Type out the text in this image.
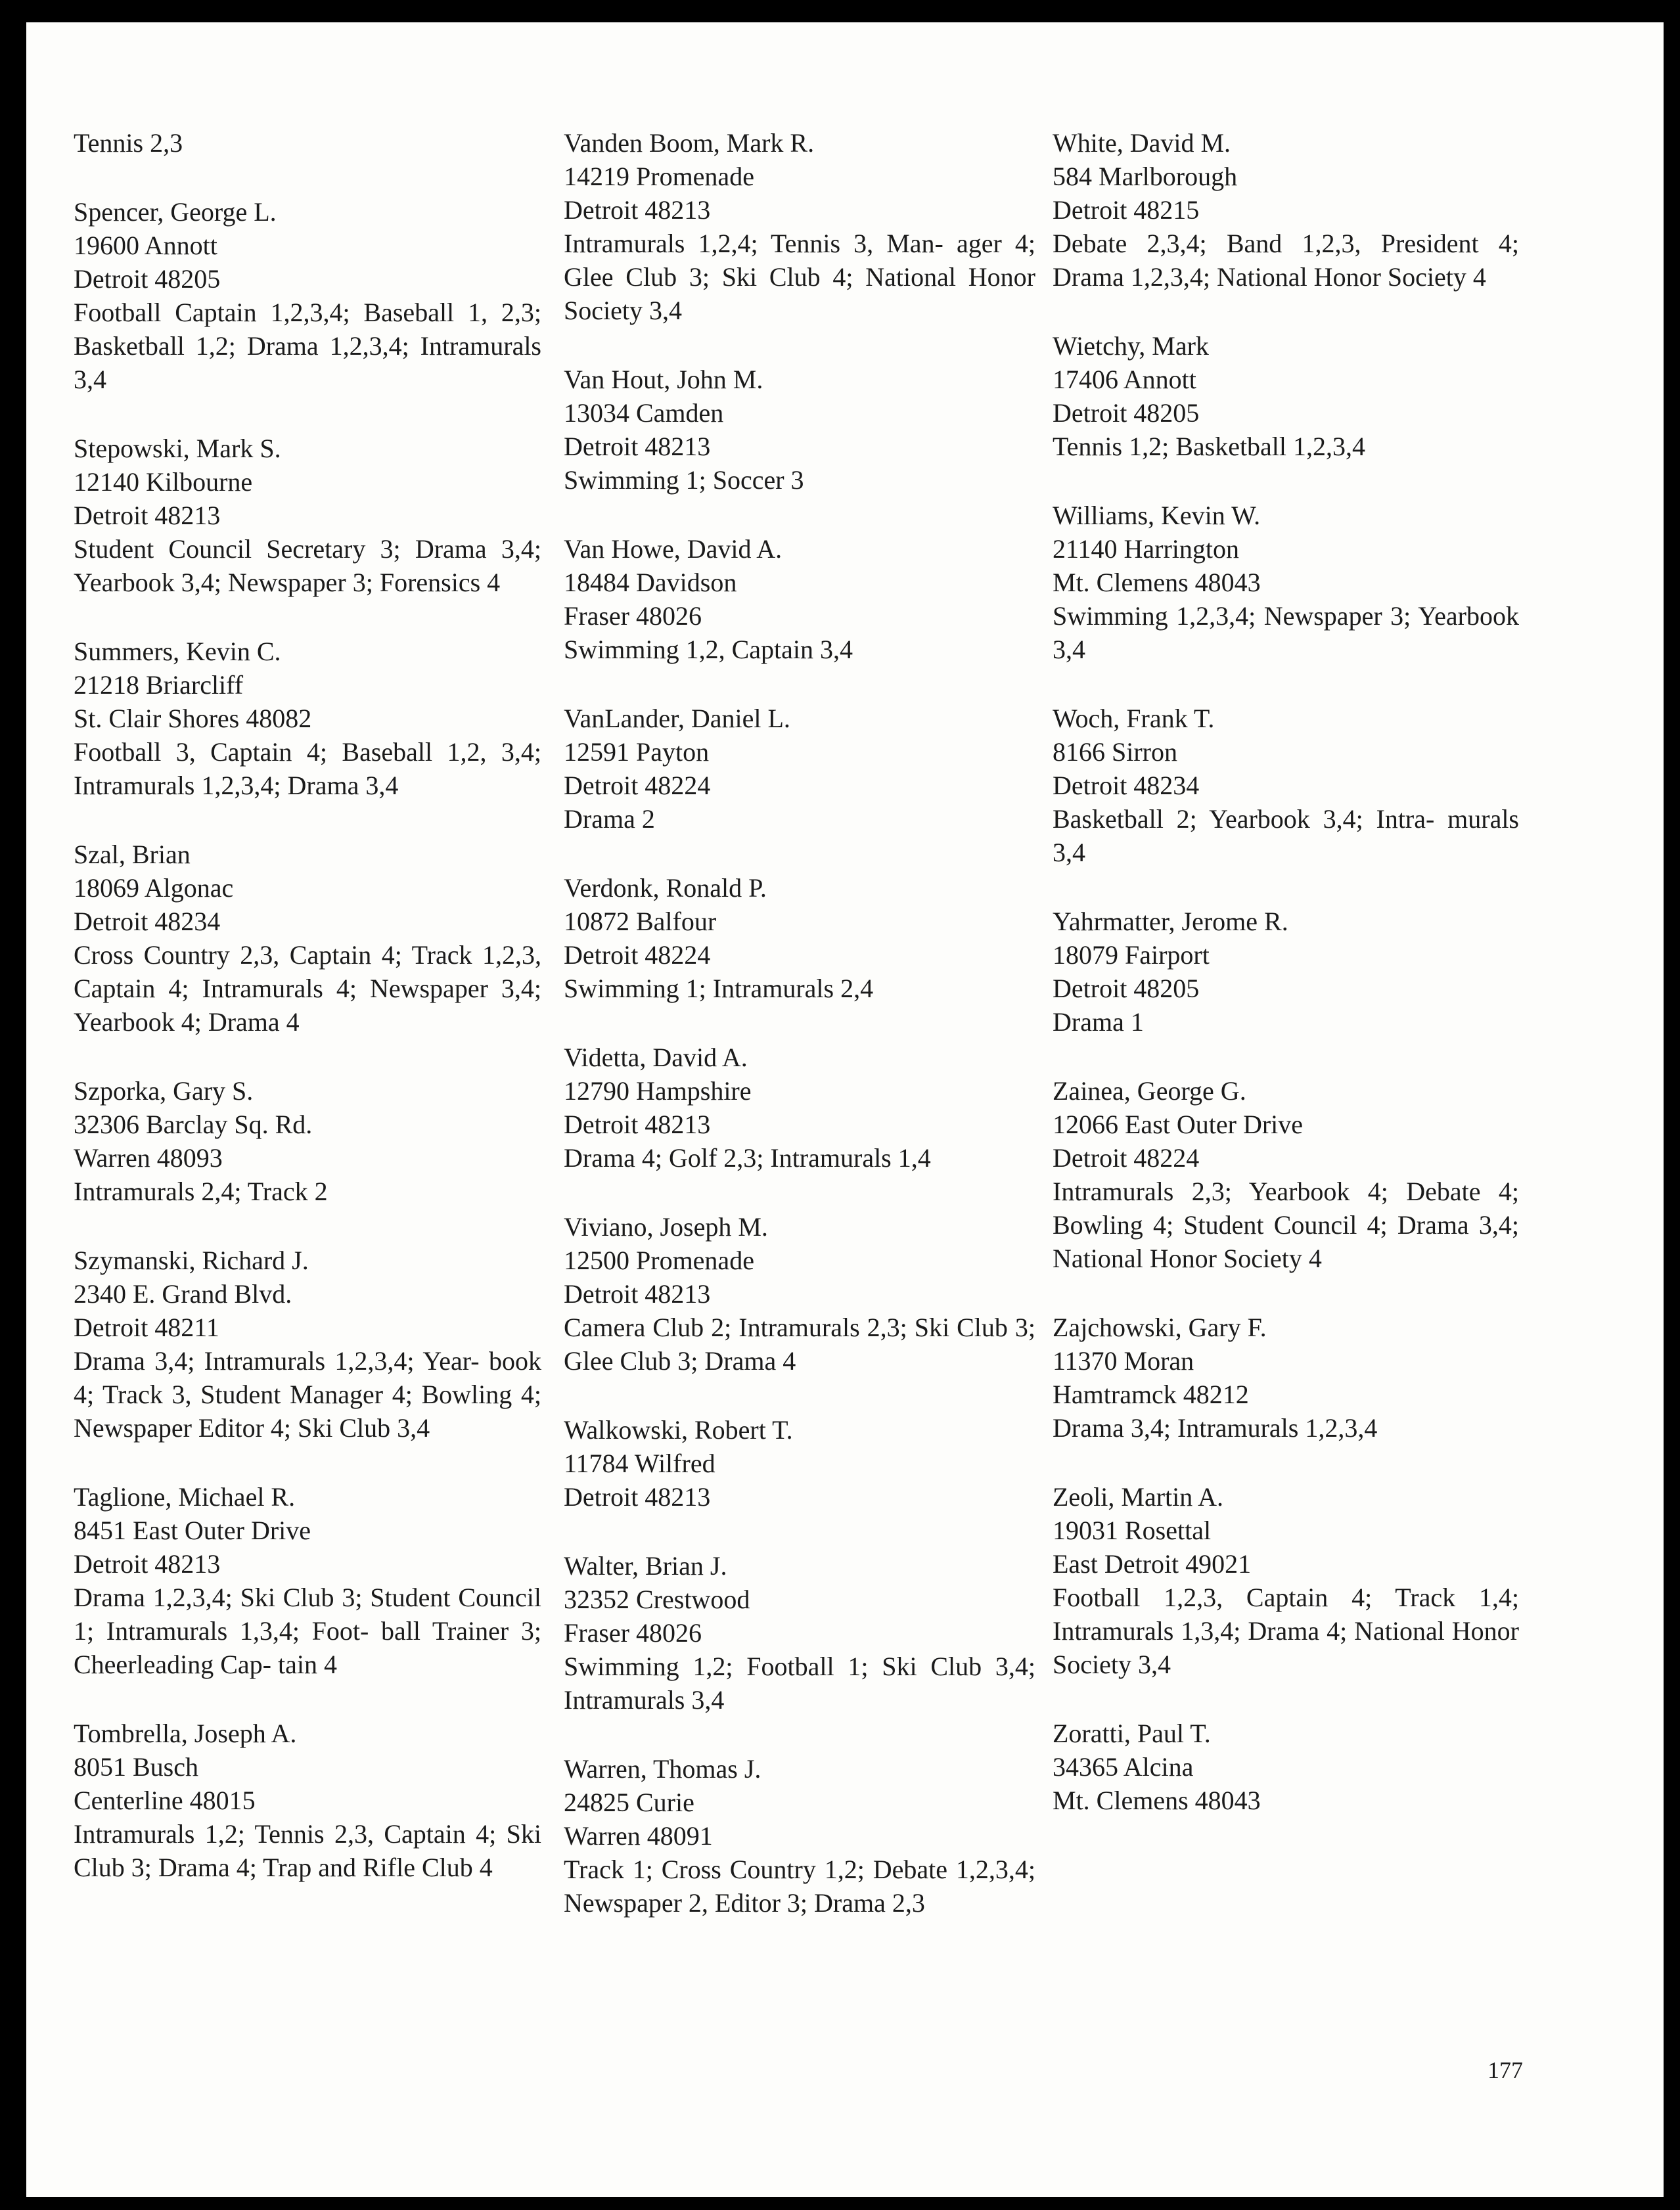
Tennis 2,3
Spencer, George L.
19600 Annott
Detroit 48205
Football Captain 1,2,3,4; Baseball 1, 2,3; Basketball 1,2; Drama 1,2,3,4; Intramurals 3,4
Stepowski, Mark S.
12140 Kilbourne
Detroit 48213
Student Council Secretary 3; Drama 3,4; Yearbook 3,4; Newspaper 3; Forensics 4
Summers, Kevin C.
21218 Briarcliff
St. Clair Shores 48082
Football 3, Captain 4; Baseball 1,2, 3,4; Intramurals 1,2,3,4; Drama 3,4
Szal, Brian
18069 Algonac
Detroit 48234
Cross Country 2,3, Captain 4; Track 1,2,3, Captain 4; Intramurals 4; Newspaper 3,4; Yearbook 4; Drama 4
Szporka, Gary S.
32306 Barclay Sq. Rd.
Warren 48093
Intramurals 2,4; Track 2
Szymanski, Richard J.
2340 E. Grand Blvd.
Detroit 48211
Drama 3,4; Intramurals 1,2,3,4; Year- book 4; Track 3, Student Manager 4; Bowling 4; Newspaper Editor 4; Ski Club 3,4
Taglione, Michael R.
8451 East Outer Drive
Detroit 48213
Drama 1,2,3,4; Ski Club 3; Student Council 1; Intramurals 1,3,4; Foot- ball Trainer 3; Cheerleading Cap- tain 4
Tombrella, Joseph A.
8051 Busch
Centerline 48015
Intramurals 1,2; Tennis 2,3, Captain 4; Ski Club 3; Drama 4; Trap and Rifle Club 4
Vanden Boom, Mark R.
14219 Promenade
Detroit 48213
Intramurals 1,2,4; Tennis 3, Man- ager 4; Glee Club 3; Ski Club 4; National Honor Society 3,4
Van Hout, John M.
13034 Camden
Detroit 48213
Swimming 1; Soccer 3
Van Howe, David A.
18484 Davidson
Fraser 48026
Swimming 1,2, Captain 3,4
VanLander, Daniel L.
12591 Payton
Detroit 48224
Drama 2
Verdonk, Ronald P.
10872 Balfour
Detroit 48224
Swimming 1; Intramurals 2,4
Videtta, David A.
12790 Hampshire
Detroit 48213
Drama 4; Golf 2,3; Intramurals 1,4
Viviano, Joseph M.
12500 Promenade
Detroit 48213
Camera Club 2; Intramurals 2,3; Ski Club 3; Glee Club 3; Drama 4
Walkowski, Robert T.
11784 Wilfred
Detroit 48213
Walter, Brian J.
32352 Crestwood
Fraser 48026
Swimming 1,2; Football 1; Ski Club 3,4; Intramurals 3,4
Warren, Thomas J.
24825 Curie
Warren 48091
Track 1; Cross Country 1,2; Debate 1,2,3,4; Newspaper 2, Editor 3; Drama 2,3
White, David M.
584 Marlborough
Detroit 48215
Debate 2,3,4; Band 1,2,3, President 4; Drama 1,2,3,4; National Honor Society 4
Wietchy, Mark
17406 Annott
Detroit 48205
Tennis 1,2; Basketball 1,2,3,4
Williams, Kevin W.
21140 Harrington
Mt. Clemens 48043
Swimming 1,2,3,4; Newspaper 3; Yearbook 3,4
Woch, Frank T.
8166 Sirron
Detroit 48234
Basketball 2; Yearbook 3,4; Intra- murals 3,4
Yahrmatter, Jerome R.
18079 Fairport
Detroit 48205
Drama 1
Zainea, George G.
12066 East Outer Drive
Detroit 48224
Intramurals 2,3; Yearbook 4; Debate 4; Bowling 4; Student Council 4; Drama 3,4; National Honor Society 4
Zajchowski, Gary F.
11370 Moran
Hamtramck 48212
Drama 3,4; Intramurals 1,2,3,4
Zeoli, Martin A.
19031 Rosettal
East Detroit 49021
Football 1,2,3, Captain 4; Track 1,4; Intramurals 1,3,4; Drama 4; National Honor Society 3,4
Zoratti, Paul T.
34365 Alcina
Mt. Clemens 48043
177
